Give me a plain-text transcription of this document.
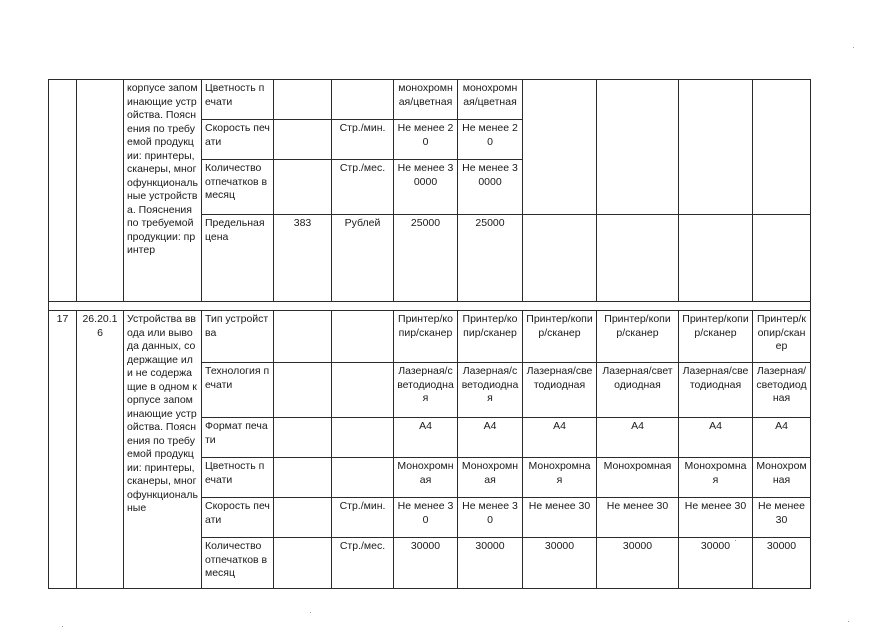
		корпусе запоминающие устройства. Пояснения по требуемой продукции: принтеры, сканеры, многофункциональные устройства. Пояснения по требуемой продукции: принтер	Цветность печати			монохромная/цветная	монохромная/цветная				
			Скорость печати		Стр./мин.	Не менее 20	Не менее 20				
			Количество отпечатков в месяц		Стр./мес.	Не менее 30000	Не менее 30000				
			Предельная цена	383	Рублей	25000	25000				

17	26.20.16	Устройства ввода или вывода данных, содержащие или не содержащие в одном корпусе запоминающие устройства. Пояснения по требуемой продукции: принтеры, сканеры, многофункциональные	Тип устройства			Принтер/копир/сканер	Принтер/копир/сканер	Принтер/копир/сканер	Принтер/копир/сканер	Принтер/копир/сканер	Принтер/копир/сканер
			Технология печати			Лазерная/светодиодная	Лазерная/светодиодная	Лазерная/светодиодная	Лазерная/светодиодная	Лазерная/светодиодная	Лазерная/светодиодная
			Формат печати			А4	А4	А4	А4	А4	А4
			Цветность печати			Монохромная	Монохромная	Монохромная	Монохромная	Монохромная	Монохромная
			Скорость печати		Стр./мин.	Не менее 30	Не менее 30	Не менее 30	Не менее 30	Не менее 30	Не менее 30
			Количество отпечатков в месяц		Стр./мес.	30000	30000	30000	30000	30000	30000
